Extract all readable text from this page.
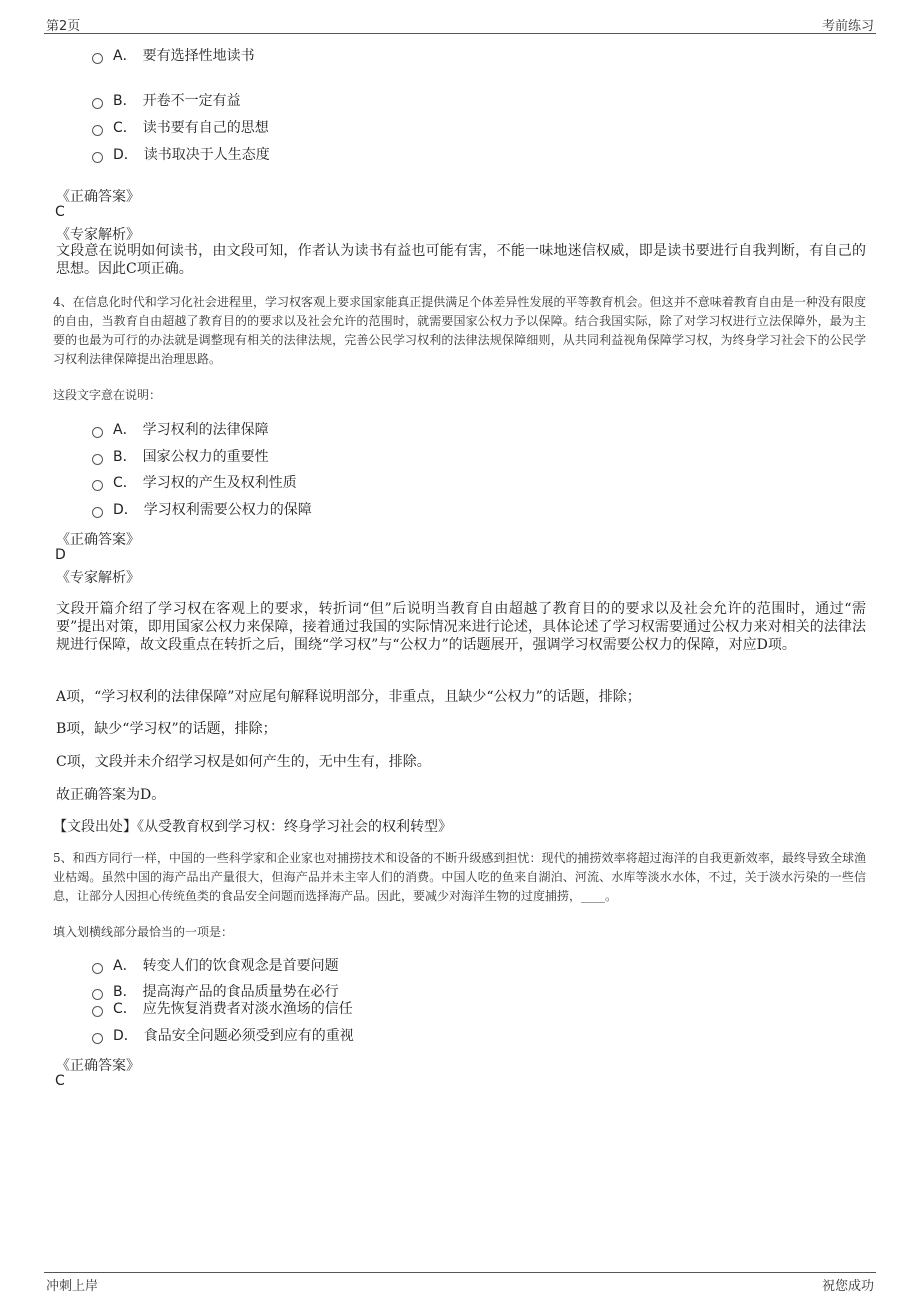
第2页	考前练习
A． 要有选择性地读书
B． 开卷不一定有益
C． 读书要有自己的思想
D． 读书取决于人生态度
《正确答案》
C
《专家解析》
文段意在说明如何读书，由文段可知，作者认为读书有益也可能有害，不能一味地迷信权威，即是读书要进行自我判断，有自己的思想。因此C项正确。
4、在信息化时代和学习化社会进程里，学习权客观上要求国家能真正提供满足个体差异性发展的平等教育机会。但这并不意味着教育自由是一种没有限度的自由，当教育自由超越了教育目的的要求以及社会允许的范围时，就需要国家公权力予以保障。结合我国实际，除了对学习权进行立法保障外，最为主要的也最为可行的办法就是调整现有相关的法律法规，完善公民学习权利的法律法规保障细则，从共同利益视角保障学习权，为终身学习社会下的公民学习权利法律保障提出治理思路。
这段文字意在说明：
A． 学习权利的法律保障
B． 国家公权力的重要性
C． 学习权的产生及权利性质
D． 学习权利需要公权力的保障
《正确答案》
D
《专家解析》
文段开篇介绍了学习权在客观上的要求，转折词“但”后说明当教育自由超越了教育目的的要求以及社会允许的范围时，通过“需要”提出对策，即用国家公权力来保障，接着通过我国的实际情况来进行论述，具体论述了学习权需要通过公权力来对相关的法律法规进行保障，故文段重点在转折之后，围绕“学习权”与“公权力”的话题展开，强调学习权需要公权力的保障，对应D项。
A项，“学习权利的法律保障”对应尾句解释说明部分，非重点，且缺少“公权力”的话题，排除；
B项，缺少“学习权”的话题，排除；
C项，文段并未介绍学习权是如何产生的，无中生有，排除。
故正确答案为D。
【文段出处】《从受教育权到学习权：终身学习社会的权利转型》
5、和西方同行一样，中国的一些科学家和企业家也对捕捞技术和设备的不断升级感到担忧：现代的捕捞效率将超过海洋的自我更新效率，最终导致全球渔业枯竭。虽然中国的海产品出产量很大，但海产品并未主宰人们的消费。中国人吃的鱼来自湖泊、河流、水库等淡水水体，不过，关于淡水污染的一些信息，让部分人因担心传统鱼类的食品安全问题而选择海产品。因此，要减少对海洋生物的过度捕捞，____。
填入划横线部分最恰当的一项是：
A． 转变人们的饮食观念是首要问题
B． 提高海产品的食品质量势在必行
C． 应先恢复消费者对淡水渔场的信任
D． 食品安全问题必须受到应有的重视
《正确答案》
C
冲刺上岸	祝您成功
